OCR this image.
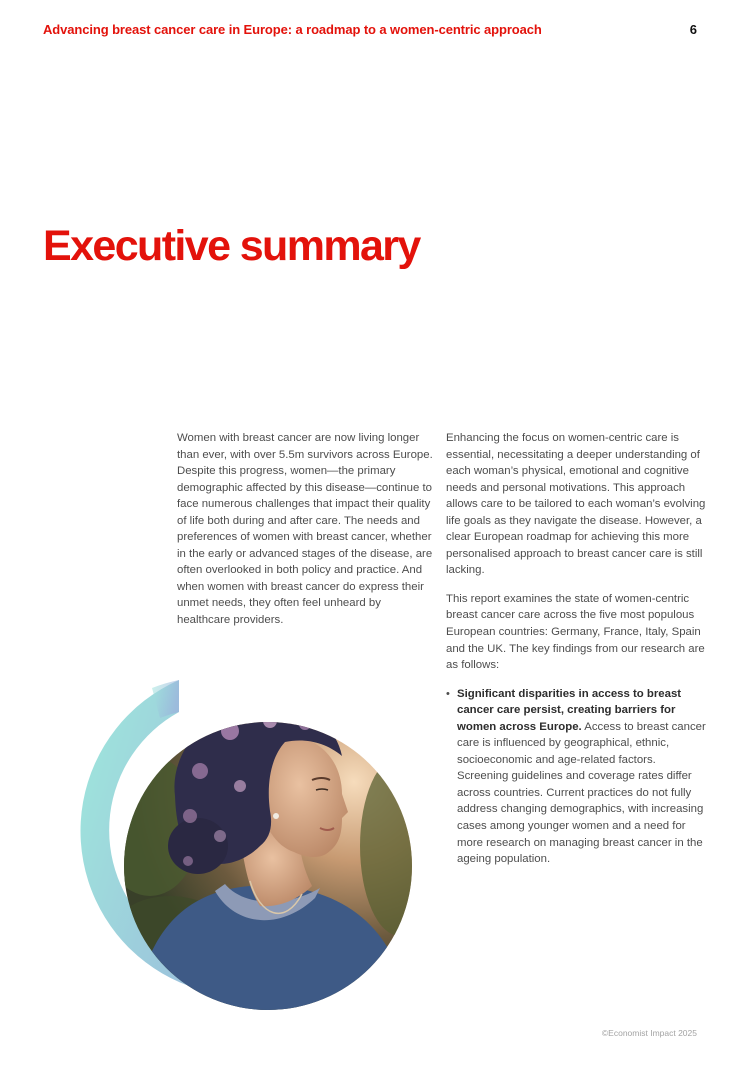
Advancing breast cancer care in Europe: a roadmap to a women-centric approach	6
Executive summary

Women with breast cancer are now living longer than ever, with over 5.5m survivors across Europe. Despite this progress, women—the primary demographic affected by this disease—continue to face numerous challenges that impact their quality of life both during and after care. The needs and preferences of women with breast cancer, whether in the early or advanced stages of the disease, are often overlooked in both policy and practice. And when women with breast cancer do express their unmet needs, they often feel unheard by healthcare providers.

Enhancing the focus on women-centric care is essential, necessitating a deeper understanding of each woman’s physical, emotional and cognitive needs and personal motivations. This approach allows care to be tailored to each woman’s evolving life goals as they navigate the disease. However, a clear European roadmap for achieving this more personalised approach to breast cancer care is still lacking.

This report examines the state of women-centric breast cancer care across the five most populous European countries: Germany, France, Italy, Spain and the UK. The key findings from our research are as follows:

• Significant disparities in access to breast cancer care persist, creating barriers for women across Europe. Access to breast cancer care is influenced by geographical, ethnic, socioeconomic and age-related factors. Screening guidelines and coverage rates differ across countries. Current practices do not fully address changing demographics, with increasing cases among younger women and a need for more research on managing breast cancer in the ageing population.
©Economist Impact 2025
